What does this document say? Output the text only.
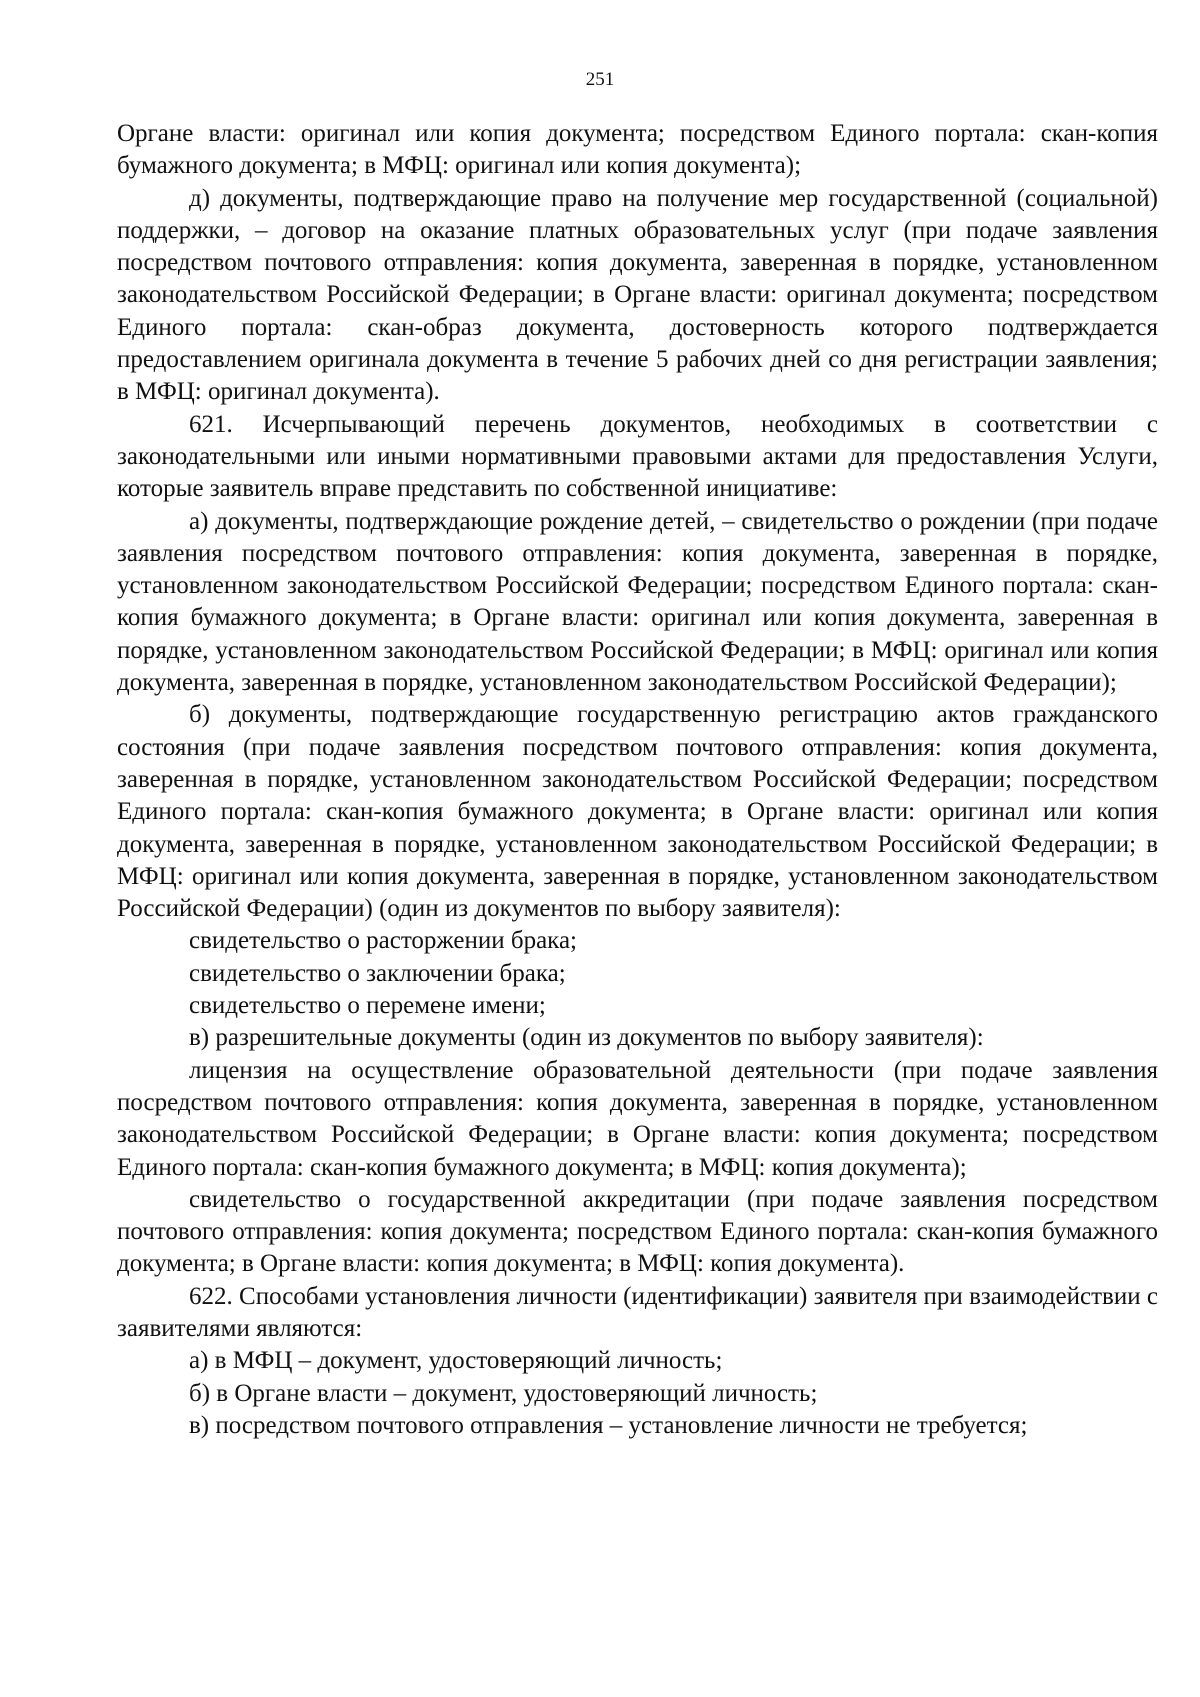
251

Органе власти: оригинал или копия документа; посредством Единого портала: скан-копия бумажного документа; в МФЦ: оригинал или копия документа);

д) документы, подтверждающие право на получение мер государственной (социальной) поддержки, – договор на оказание платных образовательных услуг (при подаче заявления посредством почтового отправления: копия документа, заверенная в порядке, установленном законодательством Российской Федерации; в Органе власти: оригинал документа; посредством Единого портала: скан-образ документа, достоверность которого подтверждается предоставлением оригинала документа в течение 5 рабочих дней со дня регистрации заявления; в МФЦ: оригинал документа).

621. Исчерпывающий перечень документов, необходимых в соответствии с законодательными или иными нормативными правовыми актами для предоставления Услуги, которые заявитель вправе представить по собственной инициативе:

а) документы, подтверждающие рождение детей, – свидетельство о рождении (при подаче заявления посредством почтового отправления: копия документа, заверенная в порядке, установленном законодательством Российской Федерации; посредством Единого портала: скан-копия бумажного документа; в Органе власти: оригинал или копия документа, заверенная в порядке, установленном законодательством Российской Федерации; в МФЦ: оригинал или копия документа, заверенная в порядке, установленном законодательством Российской Федерации);

б) документы, подтверждающие государственную регистрацию актов гражданского состояния (при подаче заявления посредством почтового отправления: копия документа, заверенная в порядке, установленном законодательством Российской Федерации; посредством Единого портала: скан-копия бумажного документа; в Органе власти: оригинал или копия документа, заверенная в порядке, установленном законодательством Российской Федерации; в МФЦ: оригинал или копия документа, заверенная в порядке, установленном законодательством Российской Федерации) (один из документов по выбору заявителя):

свидетельство о расторжении брака;

свидетельство о заключении брака;

свидетельство о перемене имени;

в) разрешительные документы (один из документов по выбору заявителя):

лицензия на осуществление образовательной деятельности (при подаче заявления посредством почтового отправления: копия документа, заверенная в порядке, установленном законодательством Российской Федерации; в Органе власти: копия документа; посредством Единого портала: скан-копия бумажного документа; в МФЦ: копия документа);

свидетельство о государственной аккредитации (при подаче заявления посредством почтового отправления: копия документа; посредством Единого портала: скан-копия бумажного документа; в Органе власти: копия документа; в МФЦ: копия документа).

622. Способами установления личности (идентификации) заявителя при взаимодействии с заявителями являются:

а) в МФЦ – документ, удостоверяющий личность;

б) в Органе власти – документ, удостоверяющий личность;

в) посредством почтового отправления – установление личности не требуется;
